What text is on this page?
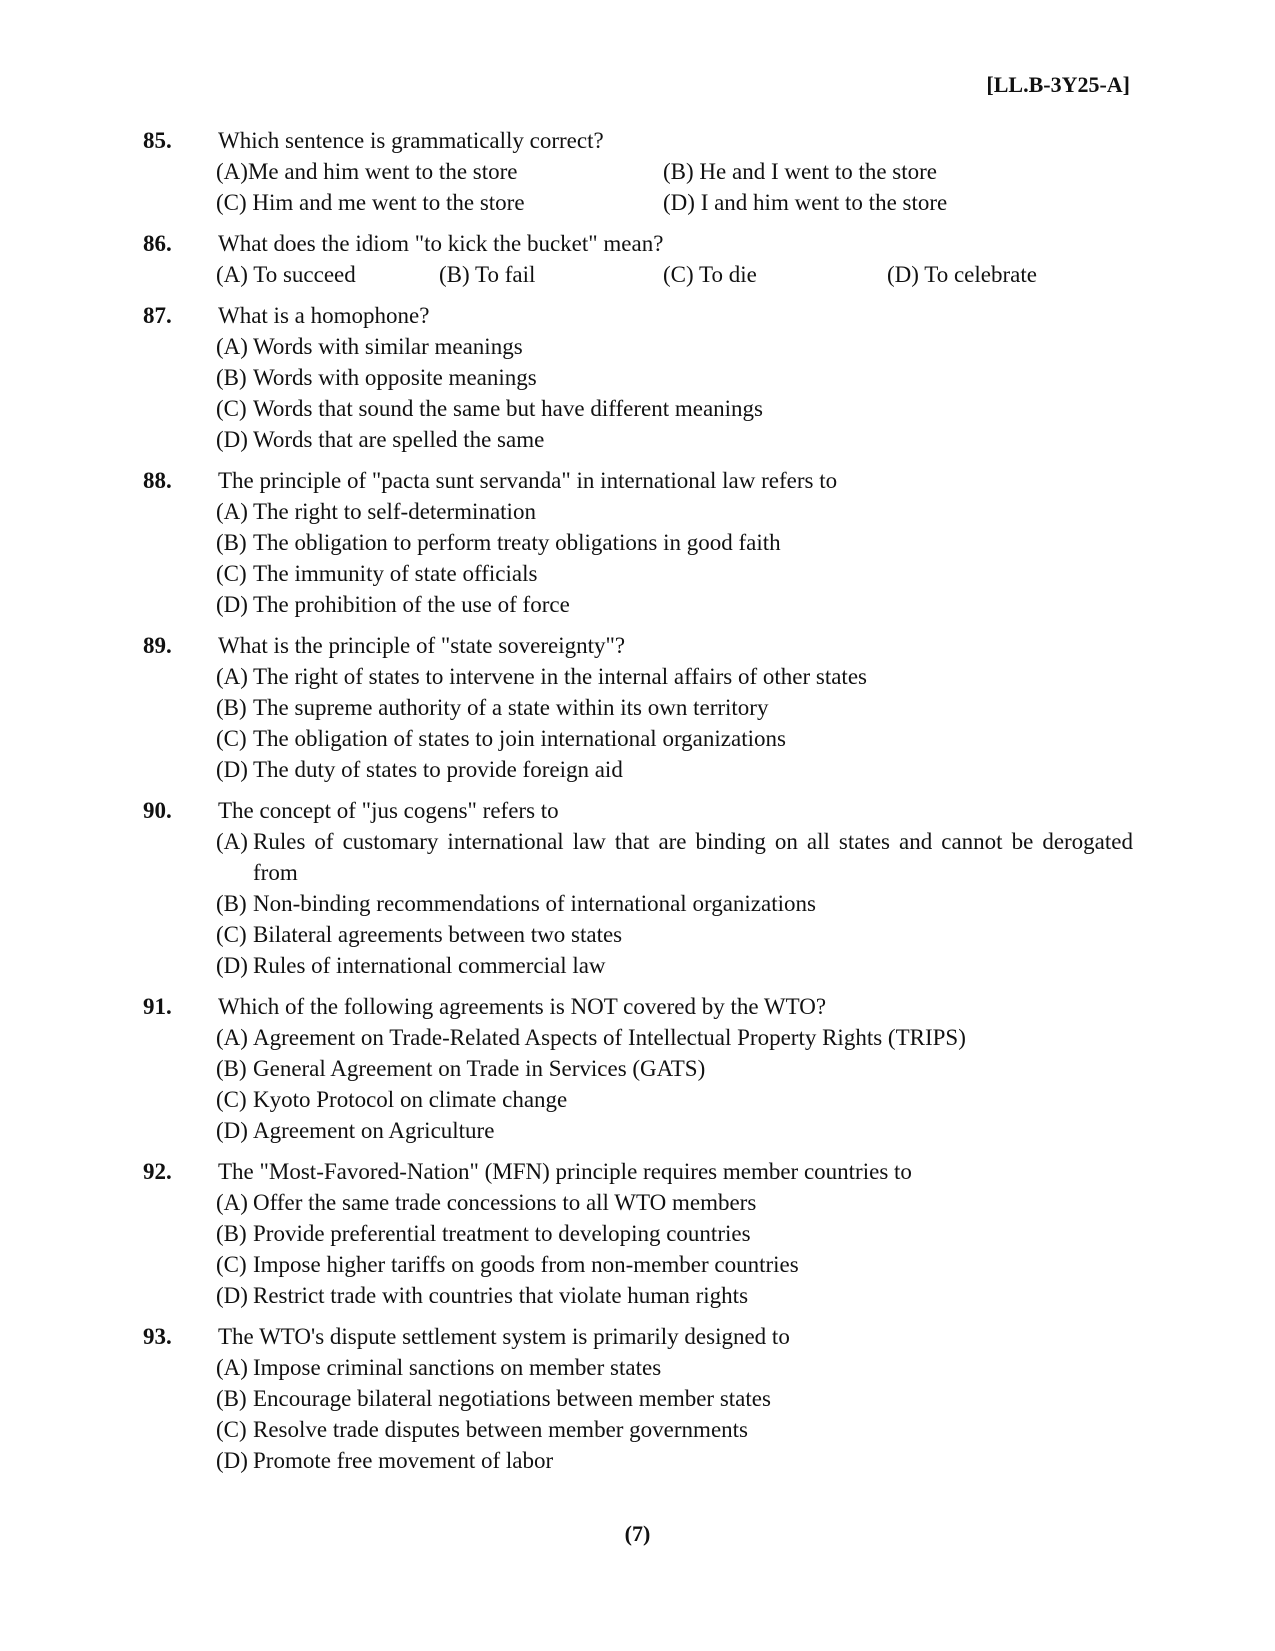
[LL.B-3Y25-A]
85. Which sentence is grammatically correct?
(A)Me and him went to the store	(B) He and I went to the store
(C) Him and me went to the store	(D) I and him went to the store
86. What does the idiom "to kick the bucket" mean?
(A) To succeed	(B) To fail	(C) To die	(D) To celebrate
87. What is a homophone?
(A) Words with similar meanings
(B) Words with opposite meanings
(C) Words that sound the same but have different meanings
(D) Words that are spelled the same
88. The principle of "pacta sunt servanda" in international law refers to
(A) The right to self-determination
(B) The obligation to perform treaty obligations in good faith
(C) The immunity of state officials
(D) The prohibition of the use of force
89. What is the principle of "state sovereignty"?
(A) The right of states to intervene in the internal affairs of other states
(B) The supreme authority of a state within its own territory
(C) The obligation of states to join international organizations
(D) The duty of states to provide foreign aid
90. The concept of "jus cogens" refers to
(A) Rules of customary international law that are binding on all states and cannot be derogated from
(B) Non-binding recommendations of international organizations
(C) Bilateral agreements between two states
(D) Rules of international commercial law
91. Which of the following agreements is NOT covered by the WTO?
(A) Agreement on Trade-Related Aspects of Intellectual Property Rights (TRIPS)
(B) General Agreement on Trade in Services (GATS)
(C) Kyoto Protocol on climate change
(D) Agreement on Agriculture
92. The "Most-Favored-Nation" (MFN) principle requires member countries to
(A) Offer the same trade concessions to all WTO members
(B) Provide preferential treatment to developing countries
(C) Impose higher tariffs on goods from non-member countries
(D) Restrict trade with countries that violate human rights
93. The WTO's dispute settlement system is primarily designed to
(A) Impose criminal sanctions on member states
(B) Encourage bilateral negotiations between member states
(C) Resolve trade disputes between member governments
(D) Promote free movement of labor
(7)
